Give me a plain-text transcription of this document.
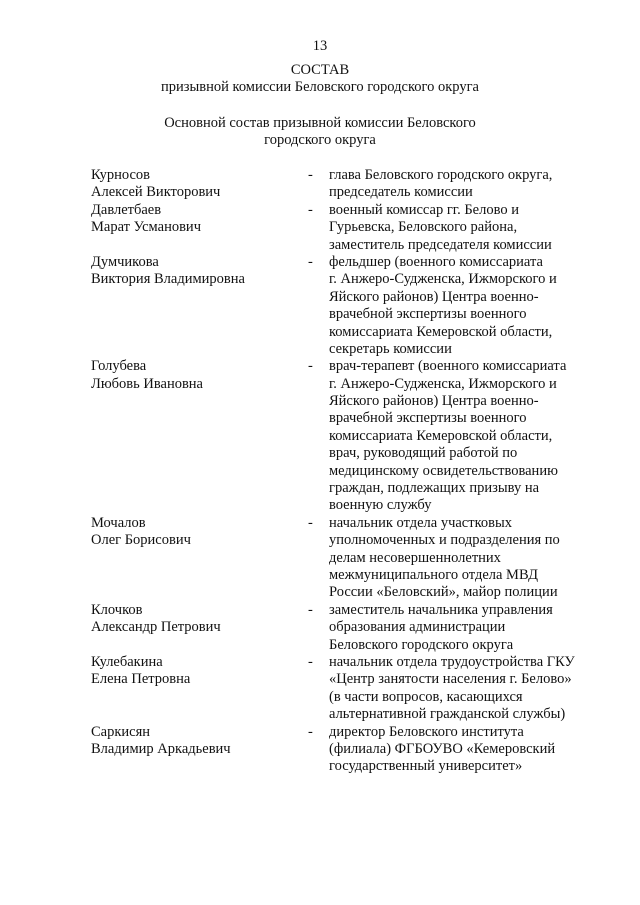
13
СОСТАВ
призывной комиссии Беловского городского округа
Основной состав призывной комиссии Беловского
городского округа
Курносов
Алексей Викторович
-	глава Беловского городского округа,
председатель комиссии
Давлетбаев
Марат Усманович
-	военный комиссар гг. Белово и
Гурьевска, Беловского района,
заместитель председателя комиссии
Думчикова
Виктория Владимировна
-	фельдшер (военного комиссариата
г. Анжеро-Судженска, Ижморского и
Яйского районов) Центра военно-
врачебной экспертизы военного
комиссариата Кемеровской области,
секретарь комиссии
Голубева
Любовь Ивановна
-	врач-терапевт (военного комиссариата
г. Анжеро-Судженска, Ижморского и
Яйского районов) Центра военно-
врачебной экспертизы военного
комиссариата Кемеровской области,
врач, руководящий работой по
медицинскому освидетельствованию
граждан, подлежащих призыву на
военную службу
Мочалов
Олег Борисович
-	начальник отдела участковых
уполномоченных и подразделения по
делам несовершеннолетних
межмуниципального отдела МВД
России «Беловский», майор полиции
Клочков
Александр Петрович
-	заместитель начальника управления
образования администрации
Беловского городского округа
Кулебакина
Елена Петровна
-	начальник отдела трудоустройства ГКУ
«Центр занятости населения г. Белово»
(в части вопросов, касающихся
альтернативной гражданской службы)
Саркисян
Владимир Аркадьевич
-	директор Беловского института
(филиала) ФГБОУВО «Кемеровский
государственный университет»
